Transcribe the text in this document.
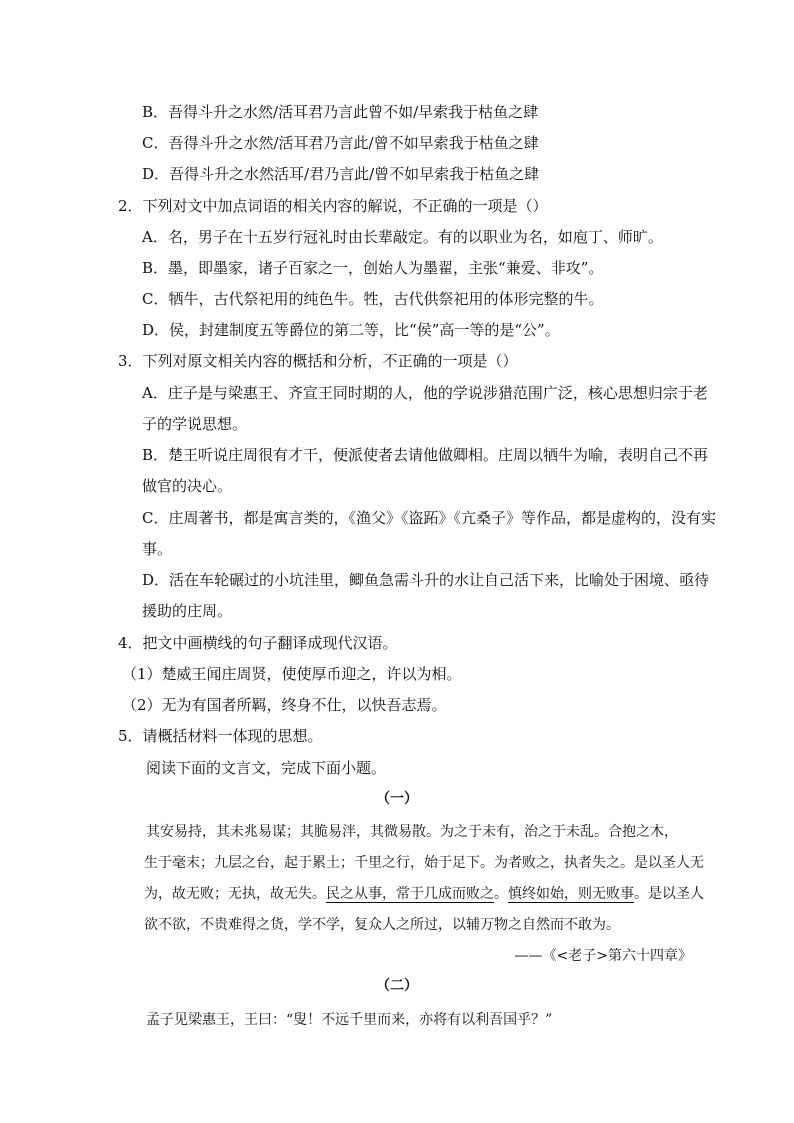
B．吾得斗升之水然/活耳君乃言此曾不如/早索我于枯鱼之肆
C．吾得斗升之水然/活耳君乃言此/曾不如早索我于枯鱼之肆
D．吾得斗升之水然活耳/君乃言此/曾不如早索我于枯鱼之肆
2．下列对文中加点词语的相关内容的解说，不正确的一项是（）
A．名，男子在十五岁行冠礼时由长辈敲定。有的以职业为名，如庖丁、师旷。
B．墨，即墨家，诸子百家之一，创始人为墨翟，主张“兼爱、非攻”。
C．牺牛，古代祭祀用的纯色牛。牲，古代供祭祀用的体形完整的牛。
D．侯，封建制度五等爵位的第二等，比“侯”高一等的是“公”。
3．下列对原文相关内容的概括和分析，不正确的一项是（）
A．庄子是与梁惠王、齐宣王同时期的人，他的学说涉猎范围广泛，核心思想归宗于老
子的学说思想。
B．楚王听说庄周很有才干，便派使者去请他做卿相。庄周以牺牛为喻，表明自己不再
做官的决心。
C．庄周著书，都是寓言类的，《渔父》《盗跖》《亢桑子》等作品，都是虚构的，没有实
事。
D．活在车轮碾过的小坑洼里，鲫鱼急需斗升的水让自己活下来，比喻处于困境、亟待
援助的庄周。
4．把文中画横线的句子翻译成现代汉语。
（1）楚威王闻庄周贤，使使厚币迎之，许以为相。
（2）无为有国者所羁，终身不仕，以快吾志焉。
5．请概括材料一体现的思想。
阅读下面的文言文，完成下面小题。
（一）
其安易持，其未兆易谋；其脆易泮，其微易散。为之于未有，治之于未乱。合抱之木，
生于毫末；九层之台，起于累土；千里之行，始于足下。为者败之，执者失之。是以圣人无
为，故无败；无执，故无失。民之从事，常于几成而败之。慎终如始，则无败事。是以圣人
欲不欲，不贵难得之货，学不学，复众人之所过，以辅万物之自然而不敢为。
——《<老子>第六十四章》
（二）
孟子见梁惠王，王曰：“叟！不远千里而来，亦将有以利吾国乎？”
